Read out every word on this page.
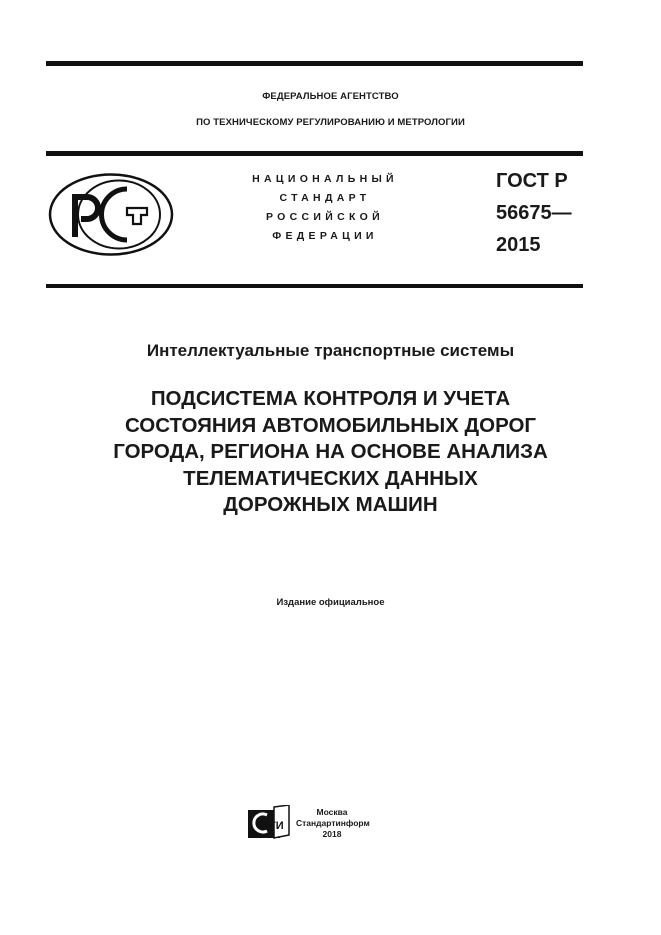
ФЕДЕРАЛЬНОЕ АГЕНТСТВО
ПО ТЕХНИЧЕСКОМУ РЕГУЛИРОВАНИЮ И МЕТРОЛОГИИ
НАЦИОНАЛЬНЫЙ
СТАНДАРТ
РОССИЙСКОЙ
ФЕДЕРАЦИИ
ГОСТ Р
56675—
2015
Интеллектуальные транспортные системы
ПОДСИСТЕМА КОНТРОЛЯ И УЧЕТА
СОСТОЯНИЯ АВТОМОБИЛЬНЫХ ДОРОГ
ГОРОДА, РЕГИОНА НА ОСНОВЕ АНАЛИЗА
ТЕЛЕМАТИЧЕСКИХ ДАННЫХ
ДОРОЖНЫХ МАШИН
Издание официальное
ТИ
Москва
Стандартинформ
2018
